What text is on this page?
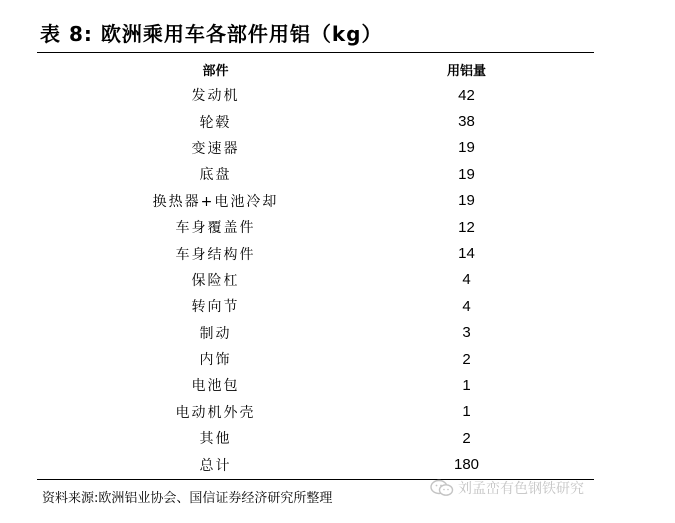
表 8: 欧洲乘用车各部件用铝（kg）
部件	用铝量
发动机	42
轮毂	38
变速器	19
底盘	19
换热器+电池冷却	19
车身覆盖件	12
车身结构件	14
保险杠	4
转向节	4
制动	3
内饰	2
电池包	1
电动机外壳	1
其他	2
总计	180
资料来源:欧洲铝业协会、国信证券经济研究所整理
刘孟峦有色钢铁研究
